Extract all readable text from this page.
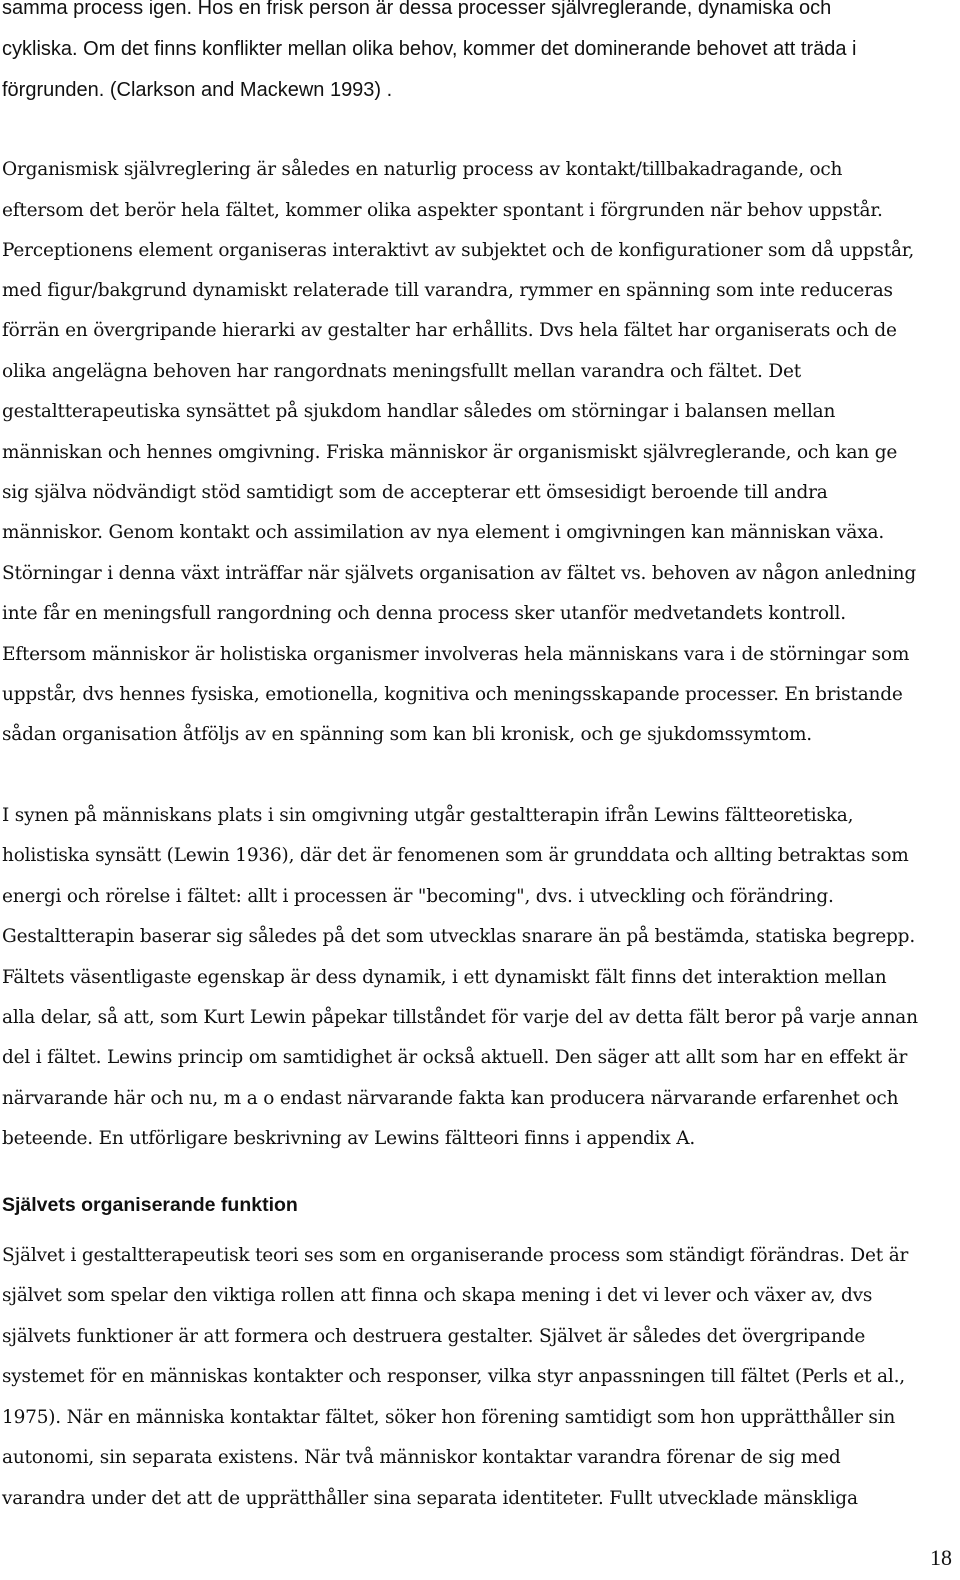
samma process igen. Hos en frisk person är dessa processer självreglerande, dynamiska och
cykliska. Om det finns konflikter mellan olika behov, kommer det dominerande behovet att träda i
förgrunden. (Clarkson and Mackewn 1993) .
Organismisk självreglering är således en naturlig process av kontakt/tillbakadragande, och
eftersom det berör hela fältet, kommer olika aspekter spontant i förgrunden när behov uppstår.
Perceptionens element organiseras interaktivt av subjektet och de konfigurationer som då uppstår,
med figur/bakgrund dynamiskt relaterade till varandra, rymmer en spänning som inte reduceras
förrän en övergripande hierarki av gestalter har erhållits. Dvs hela fältet har organiserats och de
olika angelägna behoven har rangordnats meningsfullt mellan varandra och fältet. Det
gestaltterapeutiska synsättet på sjukdom handlar således om störningar i balansen mellan
människan och hennes omgivning. Friska människor är organismiskt självreglerande, och kan ge
sig själva nödvändigt stöd samtidigt som de accepterar ett ömsesidigt beroende till andra
människor. Genom kontakt och assimilation av nya element i omgivningen kan människan växa.
Störningar i denna växt inträffar när självets organisation av fältet vs. behoven av någon anledning
inte får en meningsfull rangordning och denna process sker utanför medvetandets kontroll.
Eftersom människor är holistiska organismer involveras hela människans vara i de störningar som
uppstår, dvs hennes fysiska, emotionella, kognitiva och meningsskapande processer. En bristande
sådan organisation åtföljs av en spänning som kan bli kronisk, och ge sjukdomssymtom.
I synen på människans plats i sin omgivning utgår gestaltterapin ifrån Lewins fältteoretiska,
holistiska synsätt (Lewin 1936), där det är fenomenen som är grunddata och allting betraktas som
energi och rörelse i fältet: allt i processen är "becoming", dvs. i utveckling och förändring.
Gestaltterapin baserar sig således på det som utvecklas snarare än på bestämda, statiska begrepp.
Fältets väsentligaste egenskap är dess dynamik, i ett dynamiskt fält finns det interaktion mellan
alla delar, så att, som Kurt Lewin påpekar tillståndet för varje del av detta fält beror på varje annan
del i fältet. Lewins princip om samtidighet är också aktuell. Den säger att allt som har en effekt är
närvarande här och nu, m a o endast närvarande fakta kan producera närvarande erfarenhet och
beteende. En utförligare beskrivning av Lewins fältteori finns i appendix A.
Självets organiserande funktion
Självet i gestaltterapeutisk teori ses som en organiserande process som ständigt förändras. Det är
självet som spelar den viktiga rollen att finna och skapa mening i det vi lever och växer av, dvs
självets funktioner är att formera och destruera gestalter. Självet är således det övergripande
systemet för en människas kontakter och responser, vilka styr anpassningen till fältet (Perls et al.,
1975). När en människa kontaktar fältet, söker hon förening samtidigt som hon upprätthåller sin
autonomi, sin separata existens. När två människor kontaktar varandra förenar de sig med
varandra under det att de upprätthåller sina separata identiteter. Fullt utvecklade mänskliga
18
